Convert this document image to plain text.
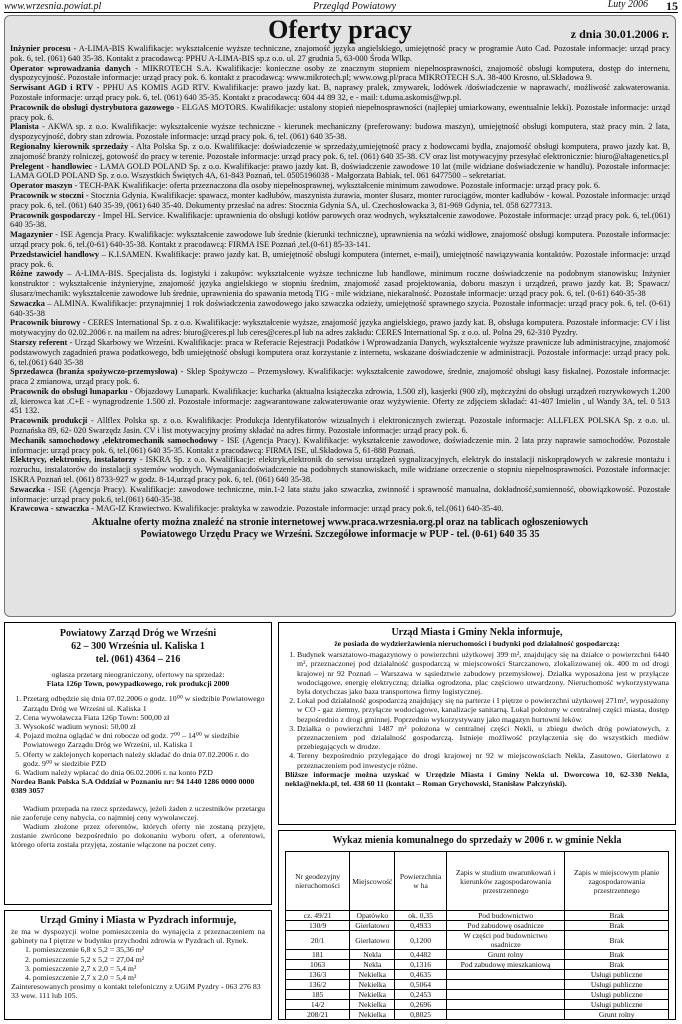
www.wrzesnia.powiat.pl	Przegląd Powiatowy	Luty 2006 15
Oferty pracy	z dnia 30.01.2006 r.

Inżynier procesu - A-LIMA-BIS Kwalifikacje: wykształcenie wyższe techniczne, znajomość języka angielskiego, umiejętność pracy w programie Auto Cad. Pozostałe informacje: urząd pracy pok. 6, tel. (061) 640 35-38. Kontakt z pracodawcą: PPHU A-LIMA-BIS sp.z o.o. ul. 27 grudnia 5, 63-000 Środa Wlkp.

Operator wprowadzania danych - MIKROTECH S.A. Kwalifikacje: konieczne osoby ze znacznym stopniem niepełnosprawności, znajomość obsługi komputera, dostęp do internetu, dyspozycyjność. Pozostałe informacje: urząd pracy pok. 6. kontakt z pracodawcą: www.mikrotech.pl; www.owg.pl/praca MIKROTECH S.A. 38-400 Krosno, ul.Składowa 9.

Serwisant AGD i RTV - PPHU AS KOMIS AGD RTV. Kwalifikacje: prawo jazdy kat. B, naprawy pralek, zmywarek, lodówek /doświadczenie w naprawach/, możliwość zakwaterowania. Pozostałe informacje: urząd pracy pok. 6, tel. (061) 640 35-35. Kontakt z pracodawcą: 604 44 89 32, e - mail: t.duma.askomis@wp.pl.

Pracownik do obsługi dystrybutora gazowego - ELGAS MOTORS. Kwalifikacje: ustalony stopień niepełnosprawności (najlepiej umiarkowany, ewentualnie lekki). Pozostałe informacje: urząd pracy pok. 6.

Planista - AKWA sp. z o.o. Kwalifikacje: wykształcenie wyższe techniczne - kierunek mechaniczny (preferowany: budowa maszyn), umiejętność obsługi komputera, staż pracy min. 2 lata, dyspozycyjność, dobry stan zdrowia. Pozostałe informacje: urząd pracy pok. 6, tel. (061) 640 35-38.

Regionalny kierownik sprzedaży - Alta Polska Sp. z o.o. Kwalifikacje: doświadczenie w sprzedaży,umiejętność pracy z hodowcami bydła, znajomość obsługi komputera, prawo jazdy kat. B, znajomość branży rolniczej, gotowość do pracy w terenie. Pozostałe informacje: urząd pracy pok. 6, tel. (061) 640 35-38. CV oraz list motywacyjny przesyłać elektronicznie: biuro@altagenetics.pl

Prelegent - handlowiec - LAMA GOLD POLAND Sp. z o.o. Kwalifikacje: prawo jazdy kat. B, doświadczenie zawodowe 10 lat (mile widziane doświadczenie w handlu). Pozostałe informacje: LAMA GOLD POLAND Sp. z o.o. Wszystkich Świętych 4A, 61-843 Poznań, tel. 0505196038 - Małgorzata Babiak, tel. 061 6477500 – sekretariat.

Operator maszyn - TECH-PAK Kwalifikacje: oferta przeznaczona dla osoby niepełnosprawnej, wykształcenie minimum zawodowe. Pozostałe informacje: urząd pracy pok. 6.

Pracownik w stoczni - Stocznia Gdynia. Kwalifikacje: spawacz, monter kadłubów, maszynista żurawia, monter ślusarz, monter rurociągów, monter kadłubów - kowal. Pozostałe informacje: urząd pracy pok. 6, tel. (061) 640 35-39, (061) 640 35-40. Dokumenty przesłać na adres: Stocznia Gdynia SA, ul. Czechosłowacka 3, 81-969 Gdynia, tel. 058 6277313.

Pracownik gospodarczy - Impel HL Service. Kwalifikacje: uprawnienia do obsługi kotłów parowych oraz wodnych, wykształcenie zawodowe. Pozostałe informacje: urząd pracy pok. 6, tel.(061) 640 35-38.

Magazynier - ISE Agencja Pracy. Kwalifikacje: wykształcenie zawodowe lub średnie (kierunki techniczne), uprawnienia na wózki widłowe, znajomość obsługi komputera. Pozostałe informacje: urząd pracy pok. 6, tel.(0-61) 640-35-38. Kontakt z pracodawcą: FIRMA ISE Poznań ,tel.(0-61) 85-33-141.

Przedstawiciel handlowy – K.I.SAMEN. Kwalifikacje: prawo jazdy kat. B, umiejętność obsługi komputera (internet, e-mail), umiejętność nawiązywania kontaktów. Pozostałe informacje: urząd pracy pok. 6.

Różne zawody – A-LIMA-BIS. Specjalista ds. logistyki i zakupów: wykształcenie wyższe techniczne lub handlowe, minimum roczne doświadczenie na podobnym stanowisku; Inżynier konstruktor : wykształcenie inżynieryjne, znajomość języka angielskiego w stopniu średnim, znajomość zasad projektowania, doboru maszyn i urządzeń, prawo jazdy kat. B; Spawacz/ślusarz/mechanik: wykształcenie zawodowe lub średnie, uprawnienia do spawania metodą TIG - mile widziane, niekaralność. Pozostałe informacje: urząd pracy pok. 6, tel. (0-61) 640-35-38

Szwaczka – ALMINA. Kwalifikacje: przynajmniej 1 rok doświadczenia zawodowego jako szwaczka odzieży, umiejętność sprawnego szycia. Pozostałe informacje: urząd pracy pok. 6, tel. (0-61) 640-35-38

Pracownik biurowy - CERES International Sp. z o.o. Kwalifikacje: wykształcenie wyższe, znajomość języka angielskiego, prawo jazdy kat. B, obsługa komputera. Pozostałe informacje: CV i list motywacyjny do 02.02.2006 r. na mailem na adres: biuro@ceres.pl lub ceres@ceres.pl lub na adres zakładu: CERES International Sp. z o.o. ul. Polna 29, 62-310 Pyzdry.

Starszy referent - Urząd Skarbowy we Wrześni. Kwalifikacje: praca w Referacie Rejestracji Podatków i Wprowadzania Danych, wykształcenie wyższe prawnicze lub administracyjne, znajomość podstawowych zagadnień prawa podatkowego, bdb umiejętność obsługi komputera oraz korzystanie z internetu, wskazane doświadczenie w administracji. Pozostałe informacje: urząd pracy pok. 6, tel.(061) 640 35-38

Sprzedawca (branża spożywczo-przemysłowa) - Sklep Spożywczo – Przemysłowy. Kwalifikacje: wykształcenie zawodowe, średnie, znajomość obsługi kasy fiskalnej. Pozostałe informacje: praca 2 zmianowa, urząd pracy pok. 6.

Pracownik do obsługi lunaparku - Objazdowy Lunapark. Kwalifikacje: kucharka (aktualna książeczka zdrowia, 1.500 zł), kasjerki (900 zł), mężczyźni do obsługi urządzeń rozrywkowych 1.200 zł, kierowca kat .C+E - wynagrodzenie 1.500 zł. Pozostałe informacje: zagwarantowane zakwaterowanie oraz wyżywienie. Oferty ze zdjęciem składać: 41-407 Imielin , ul Wandy 3A, tel. 0 513 451 132.

Pracownik produkcji - Allflex Polska sp. z o.o. Kwalifikacje: Produkcja Identyfikatorów wizualnych i elektronicznych zwierząt. Pozostałe informacje: ALLFLEX POLSKA Sp. z o.o. ul. Poznańska 89, 62- 020 Swarzędz Jasin. CV i list motywacyjny prośmy składać na adres firmy. Pozostałe informacje: urząd pracy pok. 6.

Mechanik samochodowy ,elektromechanik samochodowy - ISE (Agencja Pracy). Kwalifikacje: wykształcenie zawodowe, doświadczenie min. 2 lata przy naprawie samochodów. Pozostałe informacje: urząd pracy pok. 6, tel.(061) 640 35-35. Kontakt z pracodawcą: FIRMA ISE, ul.Składowa 5, 61-888 Poznań.

Elektrycy, elektronicy, instalatorzy - ISKRA Sp. z o.o. Kwalifikacje: elektryk,elektronik do serwisu urządzeń sygnalizacyjnych, elektryk do instalacji niskoprądowych w zakresie montażu i rozruchu, instalatorów do instalacji systemów wodnych. Wymagania:doświadczenie na podobnych stanowiskach, mile widziane orzeczenie o stopniu niepełnosprawności. Pozostałe informacje: ISKRA Poznań tel. (061) 8733-927 w godz. 8-14,urząd pracy pok. 6, tel. (061) 640 35-38.

Szwaczka - ISE (Agencja Pracy). Kwalifikacje: zawodowe techniczne, min.1-2 lata stażu jako szwaczka, zwinność i sprawność manualna, dokładność,sumienność, obowiązkowość. Pozostałe informacje: urząd pracy pok.6, tel.(061) 640-35-38.

Krawcowa - szwaczka - MAG-IZ Krawiectwo. Kwalifikacje: praktyka w zawodzie. Pozostałe informacje: urząd pracy pok.6, tel.(061) 640-35-40.

Aktualne oferty można znaleźć na stronie internetowej www.praca.wrzesnia.org.pl oraz na tablicach ogłoszeniowych
Powiatowego Urzędu Pracy we Wrześni. Szczegółowe informacje w PUP - tel. (0-61) 640 35 35
Powiatowy Zarząd Dróg we Wrześni
62 – 300 Września ul. Kaliska 1
tel. (061) 4364 – 216

ogłasza przetarg nieograniczony, ofertowy na sprzedaż:

Fiata 126p Town, powypadkowego, rok produkcji 2000

1. Przetarg odbędzie się dnia 07.02.2006 o godz. 10⁰⁰ w siedzibie Powiatowego Zarządu Dróg we Wrześni ul. Kaliska 1
2. Cena wywoławcza Fiata 126p Town: 500,00 zł
3. Wysokość wadium wynosi: 50,00 zł
4. Pojazd można oglądać w dni robocze od godz. 7⁰⁰ – 14⁰⁰ w siedzibie Powiatowego Zarządu Dróg we Wrześni, ul. Kaliska 1
5. Oferty w zaklejonych kopertach należy składać do dnia 07.02.2006 r. do godz. 9⁰⁰ w siedzibie PZD
6. Wadium należy wpłacać do dnia 06.02.2006 r. na konto PZD

Nordea Bank Polska S.A Oddział w Poznaniu nr: 94 1440 1286 0000 0000 0389 3057

Wadium przepada na rzecz sprzedawcy, jeżeli żaden z uczestników przetargu nie zaoferuje ceny nabycia, co najmniej ceny wywoławczej.

Wadium złożone przez oferentów, których oferty nie zostaną przyjęte, zostanie zwrócone bezpośrednio po dokonaniu wyboru ofert, a oferentowi, którego oferta została przyjęta, zostanie włączone na poczet ceny.

Urząd Gminy i Miasta w Pyzdrach informuje,

że ma w dyspozycji wolne pomieszczenia do wynajęcia z przeznaczeniem na gabinety na I piętrze w budynku przychodni zdrowia w Pyzdrach ul. Rynek.

1. pomieszczenie 6,8 x 5,2 = 35,36 m²
2. pomieszczenie 5,2 x 5,2 = 27,04 m²
3. pomieszczenie 2,7 x 2,0 = 5,4 m²
4. pomieszczenie 2,7 x 2,0 = 5,4 m²

Zainteresowanych prosimy o kontakt telefoniczny z UGiM Pyzdry - 063 276 83 33 wew. 111 lub 105.

Urząd Miasta i Gminy Nekla informuje,

że posiada do wydzierżawienia nieruchomości i budynki pod działalność gospodarczą:

1. Budynek warsztatowo-magazynowy o powierzchni użytkowej 399 m², znajdujący się na działce o powierzchni 6440 m², przeznaczonej pod działalność gospodarczą w miejscowości Starczanowo, zlokalizowanej ok. 400 m od drogi krajowej nr 92 Poznań – Warszawa w sąsiedztwie zabudowy przemysłowej. Działka wyposażona jest w przyłącze wodociągowe, energię elektryczną; działka ogrodzona, plac częściowo utwardzony. Nieruchomość wykorzystywana była dotychczas jako baza transportowa firmy logistycznej.
2. Lokal pod działalność gospodarczą znajdujący się na parterze i I piętrze o powierzchni użytkowej 271m², wyposażony w CO - gaz ziemny, przyłącze wodociągowe, kanalizacje sanitarną. Lokal położony w centralnej części miasta, dostęp bezpośrednio z drogi gminnej. Poprzednio wykorzystywany jako magazyn hurtowni leków.
3. Działka o powierzchni 1487 m² położona w centralnej części Nekli, u zbiegu dwóch dróg powiatowych, z przeznaczeniem pod działalność gospodarczą. Istnieje możliwość przyłączenia się do wszystkich mediów przebiegających w drodze.
4. Tereny bezpośrednio przylegające do drogi krajowej nr 92 w miejscowościach Nekla, Zasutowo, Gierłatowo z przeznaczeniem pod inwestycje różne.

Bliższe informacje można uzyskać w Urzędzie Miasta i Gminy Nekla ul. Dworcowa 10, 62-330 Nekla, nekla@nekla.pl, tel. 438 60 11 (kontakt – Roman Grychowski, Stanisław Pałczyński).

Wykaz mienia komunalnego do sprzedaży w 2006 r. w gminie Nekla
Nr geodezyjny nieruchomości	Miejscowość	Powierzchnia w ha	Zapis w studium uwarunkowań i kierunków zagospodarowania przestrzennego	Zapis w miejscowym planie zagospodarowania przestrzennego
cz. 49/21	Opatówko	ok. 0,35	Pod budownictwo	Brak
130/9	Gierłatowo	0,4933	Pod zabudowę osadnicze	Brak
20/1	Gierłatowo	0,1200	W części pod budownictwo osadnicze	Brak
181	Nekla	0,4482	Grunt rolny	Brak
1063	Nekla	0,1316	Pod zabudowę mieszkaniową	Brak
136/3	Nekielka	0,4635		Usługi publiczne
136/2	Nekielka	0,5064		Usługi publiczne
185	Nekielka	0,2453		Usługi publiczne
14/2	Nekielka	0,2696		Usługi publiczne
208/21	Nekielka	0,8025		Grunt rolny
